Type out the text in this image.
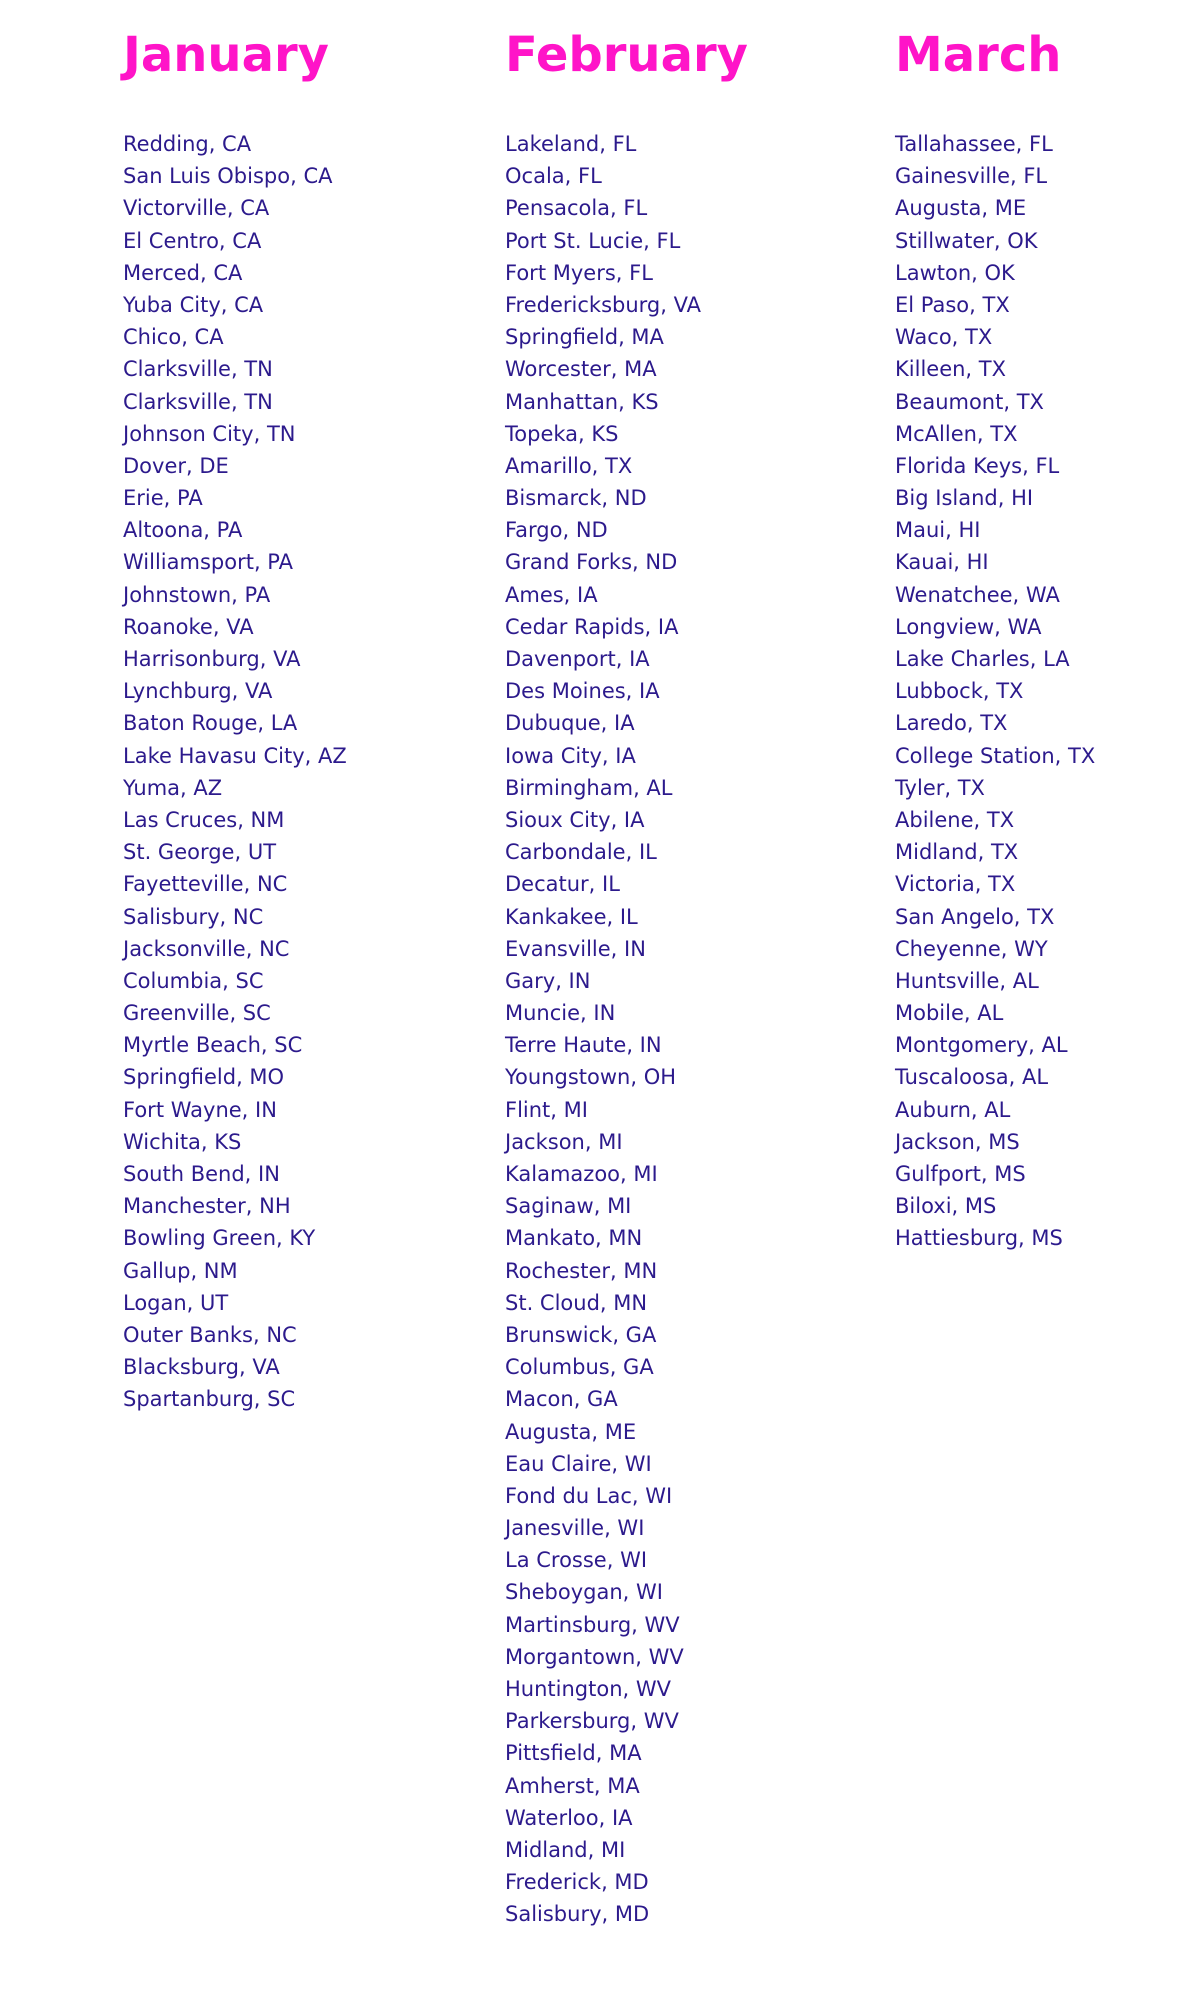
January
Redding, CA
San Luis Obispo, CA
Victorville, CA
El Centro, CA
Merced, CA
Yuba City, CA
Chico, CA
Clarksville, TN
Clarksville, TN
Johnson City, TN
Dover, DE
Erie, PA
Altoona, PA
Williamsport, PA
Johnstown, PA
Roanoke, VA
Harrisonburg, VA
Lynchburg, VA
Baton Rouge, LA
Lake Havasu City, AZ
Yuma, AZ
Las Cruces, NM
St. George, UT
Fayetteville, NC
Salisbury, NC
Jacksonville, NC
Columbia, SC
Greenville, SC
Myrtle Beach, SC
Springfield, MO
Fort Wayne, IN
Wichita, KS
South Bend, IN
Manchester, NH
Bowling Green, KY
Gallup, NM
Logan, UT
Outer Banks, NC
Blacksburg, VA
Spartanburg, SC
February
Lakeland, FL
Ocala, FL
Pensacola, FL
Port St. Lucie, FL
Fort Myers, FL
Fredericksburg, VA
Springfield, MA
Worcester, MA
Manhattan, KS
Topeka, KS
Amarillo, TX
Bismarck, ND
Fargo, ND
Grand Forks, ND
Ames, IA
Cedar Rapids, IA
Davenport, IA
Des Moines, IA
Dubuque, IA
Iowa City, IA
Birmingham, AL
Sioux City, IA
Carbondale, IL
Decatur, IL
Kankakee, IL
Evansville, IN
Gary, IN
Muncie, IN
Terre Haute, IN
Youngstown, OH
Flint, MI
Jackson, MI
Kalamazoo, MI
Saginaw, MI
Mankato, MN
Rochester, MN
St. Cloud, MN
Brunswick, GA
Columbus, GA
Macon, GA
Augusta, ME
Eau Claire, WI
Fond du Lac, WI
Janesville, WI
La Crosse, WI
Sheboygan, WI
Martinsburg, WV
Morgantown, WV
Huntington, WV
Parkersburg, WV
Pittsfield, MA
Amherst, MA
Waterloo, IA
Midland, MI
Frederick, MD
Salisbury, MD
March
Tallahassee, FL
Gainesville, FL
Augusta, ME
Stillwater, OK
Lawton, OK
El Paso, TX
Waco, TX
Killeen, TX
Beaumont, TX
McAllen, TX
Florida Keys, FL
Big Island, HI
Maui, HI
Kauai, HI
Wenatchee, WA
Longview, WA
Lake Charles, LA
Lubbock, TX
Laredo, TX
College Station, TX
Tyler, TX
Abilene, TX
Midland, TX
Victoria, TX
San Angelo, TX
Cheyenne, WY
Huntsville, AL
Mobile, AL
Montgomery, AL
Tuscaloosa, AL
Auburn, AL
Jackson, MS
Gulfport, MS
Biloxi, MS
Hattiesburg, MS
